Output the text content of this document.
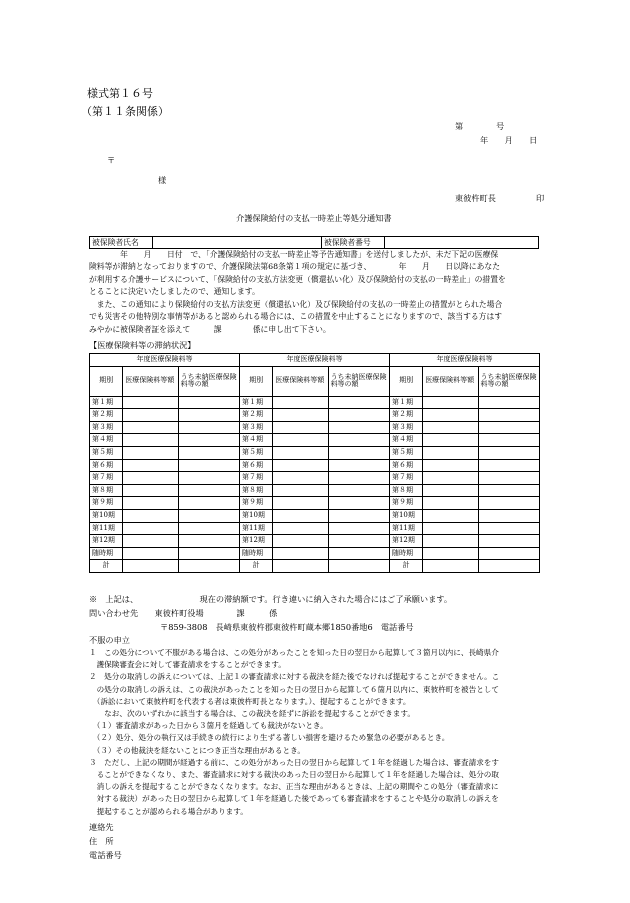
様式第１６号
（第１１条関係）
第　　　　号
年　　月　　日
〒
様
東彼杵町長	印
介護保険給付の支払一時差止等処分通知書
被保険者氏名		被保険者番号	
　　　　年　　月　　日付　で、「介護保険給付の支払一時差止等予告通知書」を送付しましたが、未だ下記の医療保
険料等が滞納となっておりますので、介護保険法第68条第１項の規定に基づき、　　　　年　　月　　日以降にあなた
が利用する介護サービスについて、「保険給付の支払方法変更（償還払い化）及び保険給付の支払の一時差止」の措置を
とることに決定いたしましたので、通知します。
　また、この通知により保険給付の支払方法変更（償還払い化）及び保険給付の支払の一時差止の措置がとられた場合
でも災害その他特別な事情等があると認められる場合には、この措置を中止することになりますので、該当する方はす
みやかに被保険者証を添えて　　　課　　　　係に申し出て下さい。
【医療保険料等の滞納状況】
年度医療保険料等			年度医療保険料等			年度医療保険料等		
期別	医療保険料等額	うち未納医療保険料等の額	期別	医療保険料等額	うち未納医療保険料等の額	期別	医療保険料等額	うち未納医療保険料等の額
第１期			第１期			第１期		
第２期			第２期			第２期		
第３期			第３期			第３期		
第４期			第４期			第４期		
第５期			第５期			第５期		
第６期			第６期			第６期		
第７期			第７期			第７期		
第８期			第８期			第８期		
第９期			第９期			第９期		
第10期			第10期			第10期		
第11期			第11期			第11期		
第12期			第12期			第12期		
随時期			随時期			随時期		
計			計			計		
※　上記は、　　　　　　　　現在の滞納額です。行き違いに納入された場合にはご了承願います。
問い合わせ先　　東彼杵町役場　　　　課　　　係
〒859-3808　長崎県東彼杵郡東彼杵町蔵本郷1850番地6　電話番号
不服の申立
１　この処分について不服がある場合は、この処分があったことを知った日の翌日から起算して３箇月以内に、長崎県介
　護保険審査会に対して審査請求をすることができます。
２　処分の取消しの訴えについては、上記１の審査請求に対する裁決を経た後でなければ提起することができません。こ
　の処分の取消しの訴えは、この裁決があったことを知った日の翌日から起算して６箇月以内に、東彼杵町を被告として
　（訴訟において東彼杵町を代表する者は東彼杵町長となります。）、提起することができます。
　　なお、次のいずれかに該当する場合は、この裁決を経ずに訴訟を提起することができます。
　（１）審査請求があった日から３箇月を経過しても裁決がないとき。
　（２）処分、処分の執行又は手続きの続行により生ずる著しい損害を避けるため緊急の必要があるとき。
　（３）その他裁決を経ないことにつき正当な理由があるとき。
３　ただし、上記の期間が経過する前に、この処分があった日の翌日から起算して１年を経過した場合は、審査請求をす
　ることができなくなり、また、審査請求に対する裁決のあった日の翌日から起算して１年を経過した場合は、処分の取
　消しの訴えを提起することができなくなります。なお、正当な理由があるときは、上記の期間やこの処分（審査請求に
　対する裁決）があった日の翌日から起算して１年を経過した後であっても審査請求をすることや処分の取消しの訴えを
　提起することが認められる場合があります。
連絡先
住　所
電話番号
